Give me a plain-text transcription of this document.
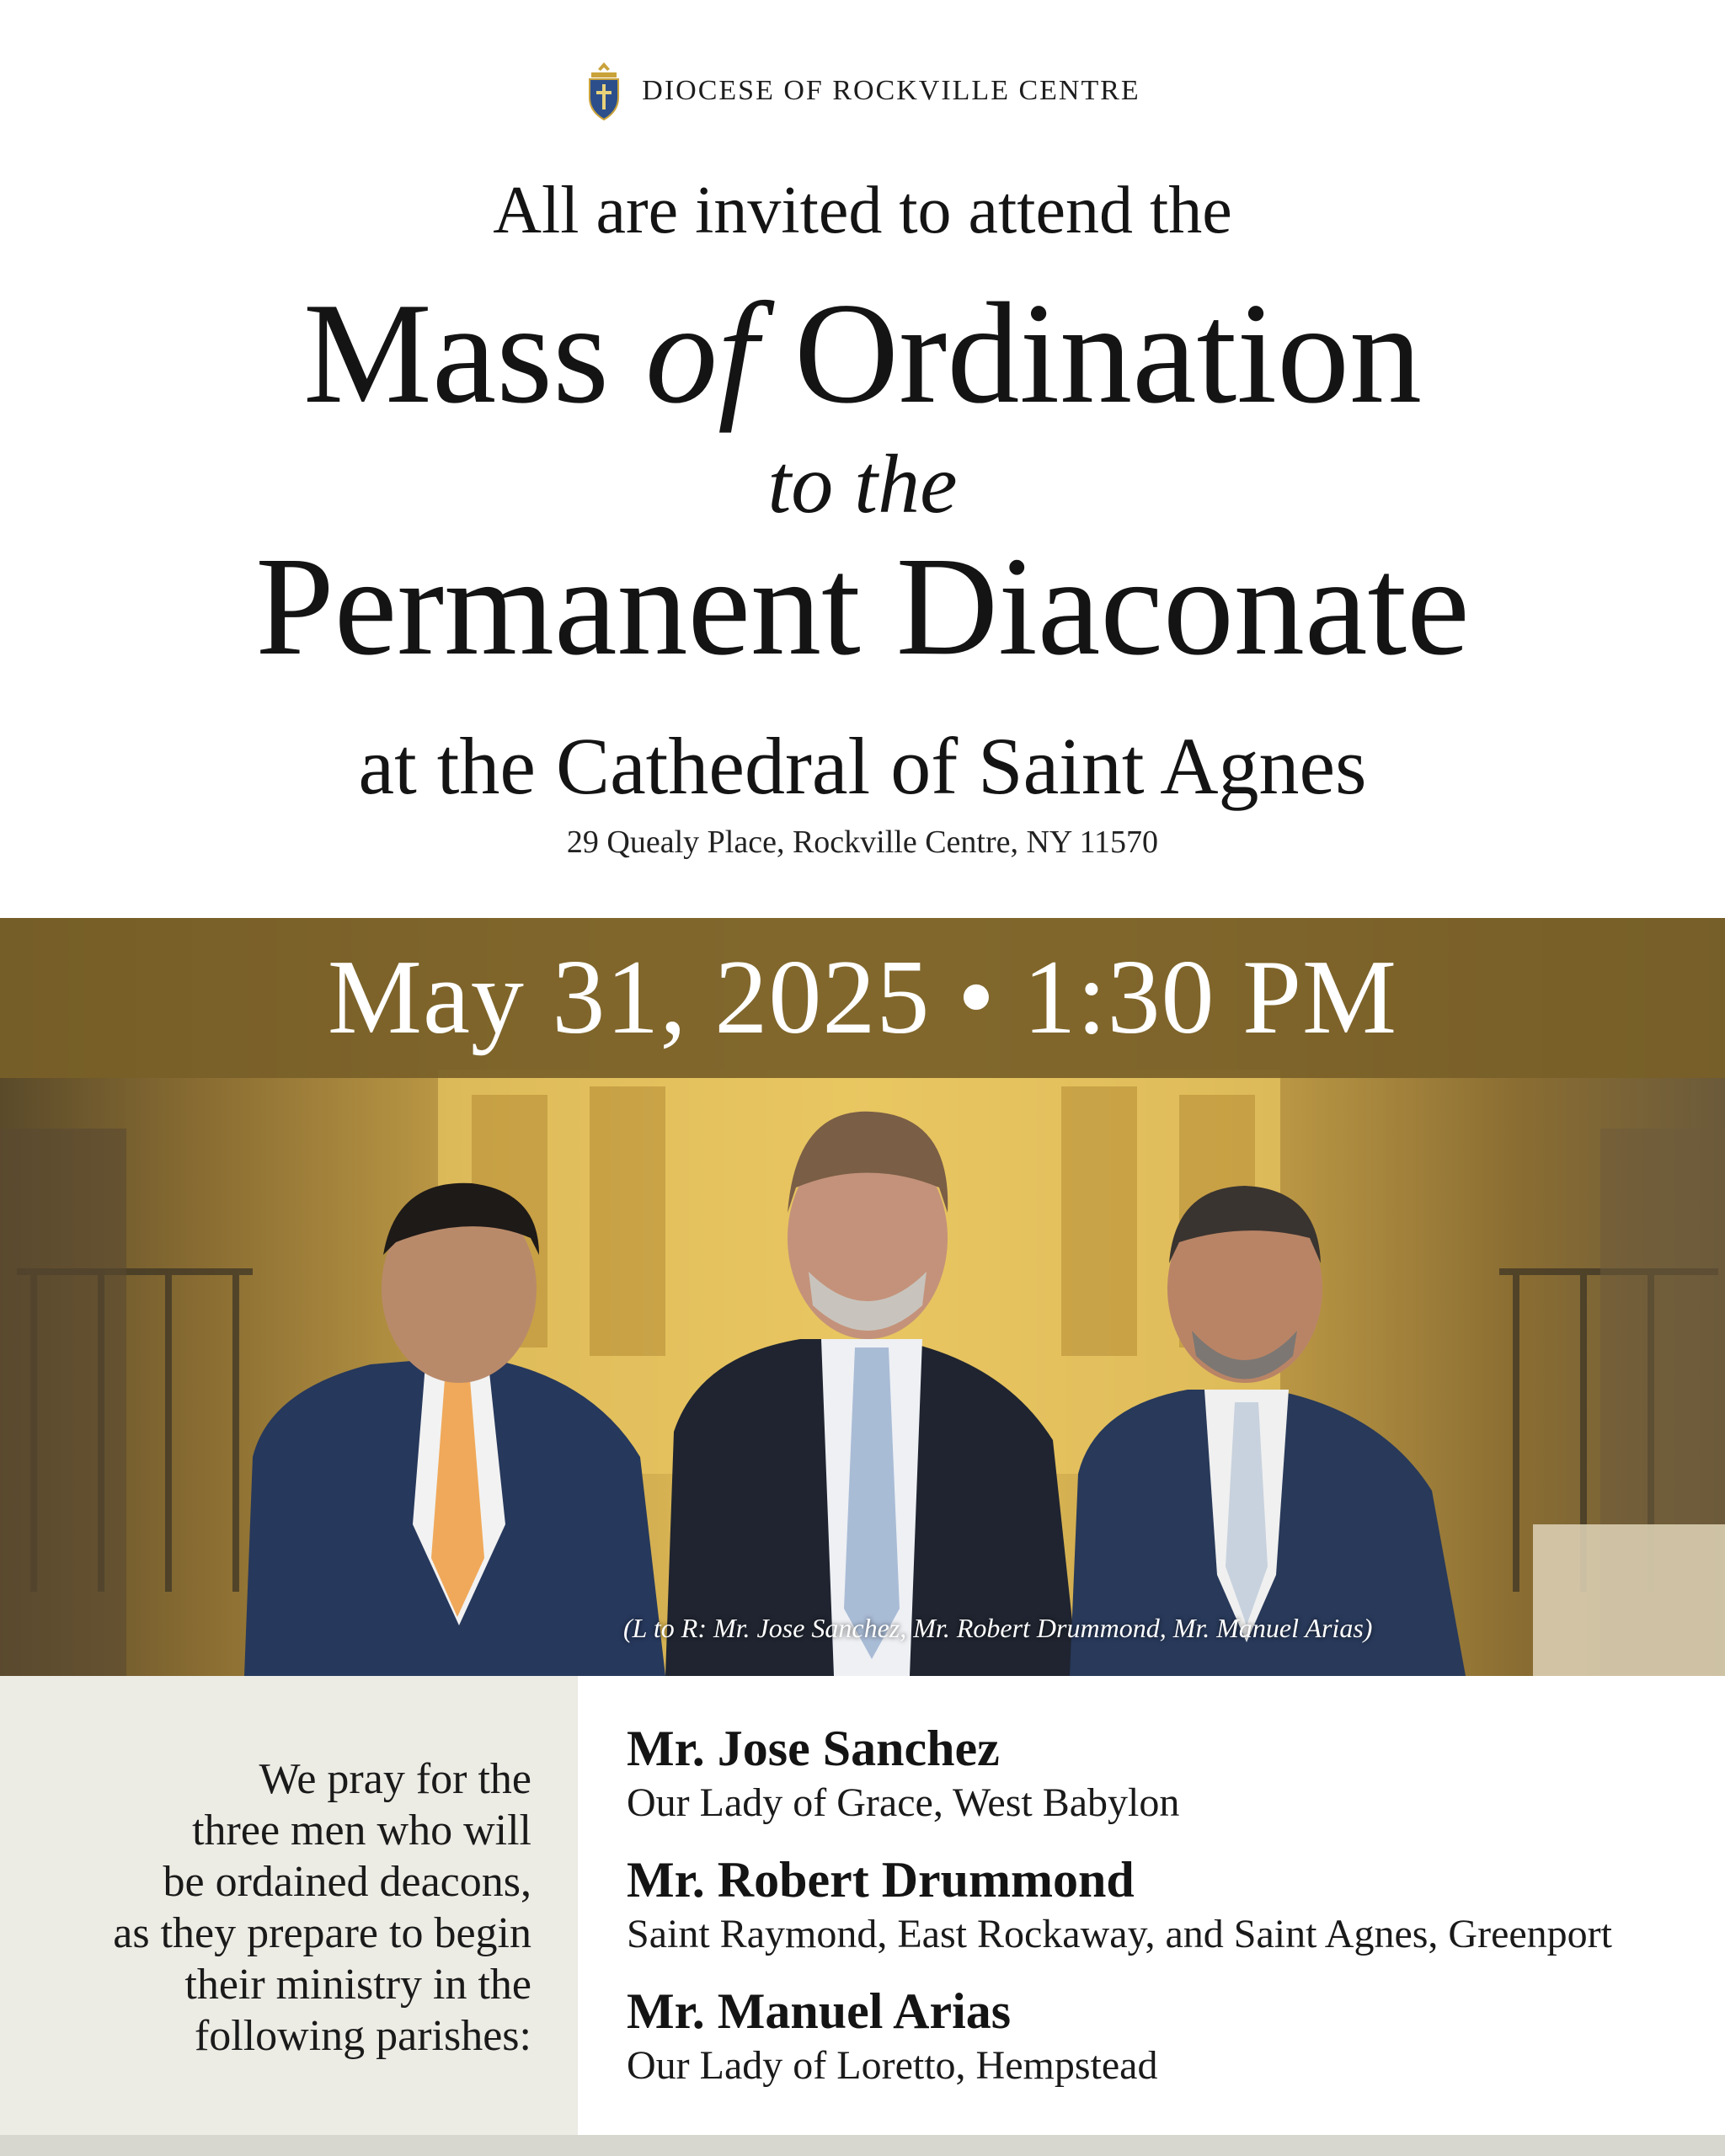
DIOCESE OF ROCKVILLE CENTRE
All are invited to attend the
Mass of Ordination
to the
Permanent Diaconate
at the Cathedral of Saint Agnes
29 Quealy Place, Rockville Centre, NY 11570
May 31, 2025 • 1:30 PM
(L to R: Mr. Jose Sanchez, Mr. Robert Drummond, Mr. Manuel Arias)
We pray for the
three men who will
be ordained deacons,
as they prepare to begin
their ministry in the
following parishes:
Mr. Jose Sanchez
Our Lady of Grace, West Babylon
Mr. Robert Drummond
Saint Raymond, East Rockaway, and Saint Agnes, Greenport
Mr. Manuel Arias
Our Lady of Loretto, Hempstead
